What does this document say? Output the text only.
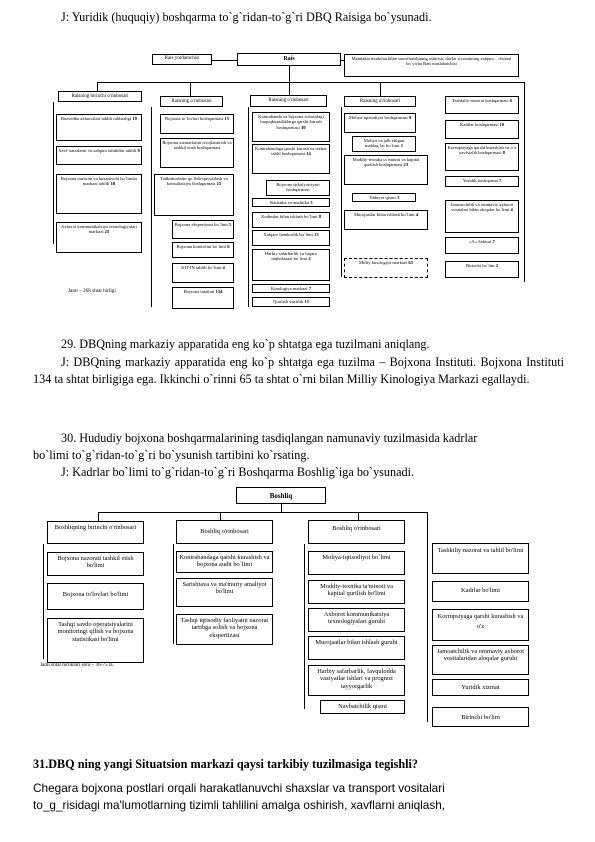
J: Yuridik (huquqiy) boshqarma to`g`ridan-to`g`ri DBQ Raisiga bo`ysunadi.

Rais yordamchisi	Rais	Mamlakat mudofaa bilan sarosilarishining oshirish, davlat siyosatining xalqaro... chorasi bo`yicha Rais maslahatchisi
Raisning birinchi o'rinbosari
Razvedka axborotlari tahlili rahbarligi 18
Xavf-xatarlarni va xalqaro tahdidlar tahlili 8
Bojxona nazorati va kuzatuvchi bo`limlar markazi tahlili 10
Axborot kommunikatsiya texnologiyalari markazi 25
Jami – 268 shtat birligi
Raisning o'rinbosari
Bojxona to`lovlari boshqarmasi 15
Bojxona xizmatlarini rivojlantirish va tashkil etish boshqarmasi
Tadbirkorlarni qo`llab-quvvatlash va konsultatsiya boshqarmasi 15
Bojxona ekspertizasi bo`limi 5
Bojxona kontrolini bo`limi 6
KIT-IN tahlili bo`limi 4
Bojxona instituti 134
Raisning o'rinbosari
Kontrabanda va bojxona sohasidagi huquqbuzarliklarga qarshi kurash boshqarmasi 30
Kontrabandaga qarshi kurash va tezkor tahlil boshqarmasi 14
Bojxona sirkulyatsiyasi boshqarmasi
Statistika va analitika 5
Xodimlar bilan ishlash bo`limi 8
Xalqaro hamkorlik bo`limi 13
Harbiy safarbarlik va fuqaro muhofazasi bo`limi 2
Kinologiya markazi 7
Qurilish vazirlik 15
Raisning o'rinbosari
Moliya-iqtisodiyot boshqarmasi 9
Moliya va jalb etilgan mablag`lar bo`limi 1
Moddiy-texnika ta`minoti va kapital qurilish boshqarmasi 23
Tibbiyot qismi 1
Murojaatlar bilan ishlash bo`limi 4
Milliy kinologiya markazi 65
Tashkiliy-nazorat boshqarmasi 6
Kadrlar boshqarmasi 10
Korrupsiyaga qarshi kurashish va o`z xavfsizlik boshqarmasi 8
Yuridik boshqarma 7
Jamoatchilik va ommaviy axborot vositalari bilan aloqalar bo`limi 4
«A» Sektori 7
Birinchi bo`lim 2

29. DBQning markaziy apparatida eng ko`p shtatga ega tuzilmani aniqlang.

J: DBQning markaziy apparatida eng ko`p shtatga ega tuzilma – Bojxona Instituti. Bojxona Instituti 134 ta shtat birligiga ega. Ikkinchi o`rinni 65 ta shtat o`rni bilan Milliy Kinologiya Markazi egallaydi.

30. Hududiy bojxona boshqarmalarining tasdiqlangan namunaviy tuzilmasida kadrlar

bo`limi to`g`ridan-to`g`ri bo`ysunish tartibini ko`rsating.

J: Kadrlar bo`limi to`g`ridan-to`g`ri Boshqarma Boshlig`iga bo`ysunadi.

Boshliq
Boshliqning birinchi o'rinbosari
Bojxona nazorati tashkil etish bo'limi
Bojxona to'lovlari bo'limi
Tashqi savdo operatsiyalarini monitoringi qilish va bojxona statistikasi bo'limi
Jami shtat birliklari soni – 36-75 ta.
Boshliq o'rinbosari
Kontrabandaga qarshi kurashish va bojxona audit bo`limi
Sarishtava va ma'muriy amaliyot bo'limi
Tashqi iqtisodiy faoliyatni nazorat tartibga solish va bojxona ekspertizasi
Boshliq o'rinbosari
Moliya-iqtisodiyot bo`limi
Moddiy-texnika ta'minoti va kapital qurilish bo'limi
Axborot kommunikatsiya texnologiyalari guruhi
Murojaatlar bilan ishlash guruhi
Harbiy safarbarlik, favqulodda vaziyatlar ishlari va prognoz tayyorgarlik
Navbatchilik qismi
Tashkiliy nazorat va tahlil bo'limi
Kadrlar bo'limi
Korrupsiyaga qarshi kurashish va o'z
Jamoatchilik va ommaviy axborot vositalaridan aloqalar guruhi
Yuridik xizmat
Birinchi bo'lim
31.DBQ ning yangi Situatsion markazi qaysi tarkibiy tuzilmasiga tegishli?

Chegara bojxona postlari orqali harakatlanuvchi shaxslar va transport vositalari

to_g_risidagi ma'lumotlarning tizimli tahlilini amalga oshirish, xavflarni aniqlash,
